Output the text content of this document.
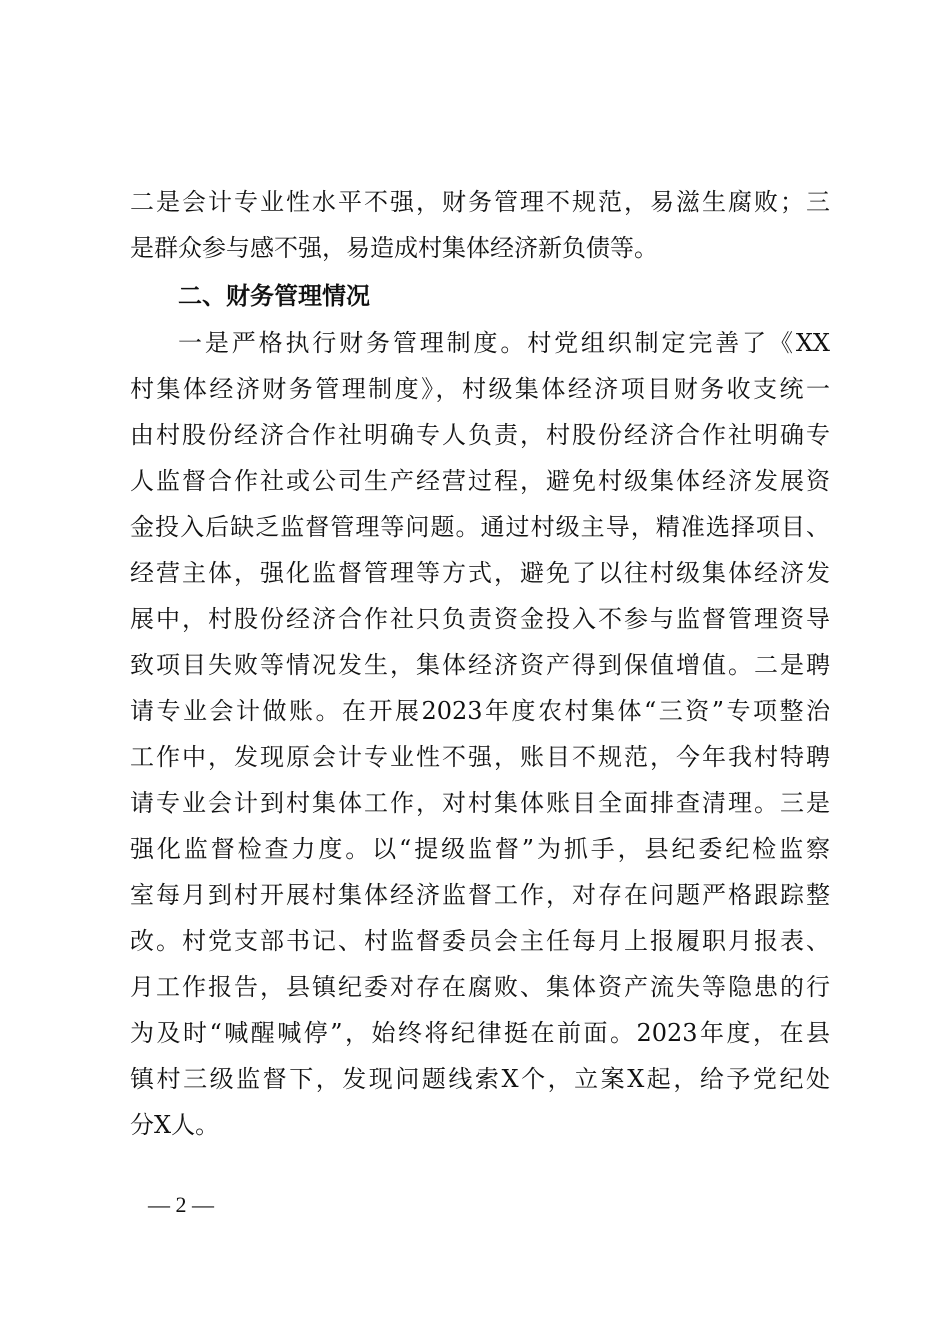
二是会计专业性水平不强，财务管理不规范，易滋生腐败；三
是群众参与感不强，易造成村集体经济新负债等。
二、财务管理情况
一是严格执行财务管理制度。村党组织制定完善了《XX
村集体经济财务管理制度》，村级集体经济项目财务收支统一
由村股份经济合作社明确专人负责，村股份经济合作社明确专
人监督合作社或公司生产经营过程，避免村级集体经济发展资
金投入后缺乏监督管理等问题。通过村级主导，精准选择项目、
经营主体，强化监督管理等方式，避免了以往村级集体经济发
展中，村股份经济合作社只负责资金投入不参与监督管理资导
致项目失败等情况发生，集体经济资产得到保值增值。二是聘
请专业会计做账。在开展2023年度农村集体“三资”专项整治
工作中，发现原会计专业性不强，账目不规范，今年我村特聘
请专业会计到村集体工作，对村集体账目全面排查清理。三是
强化监督检查力度。以“提级监督”为抓手，县纪委纪检监察
室每月到村开展村集体经济监督工作，对存在问题严格跟踪整
改。村党支部书记、村监督委员会主任每月上报履职月报表、
月工作报告，县镇纪委对存在腐败、集体资产流失等隐患的行
为及时“喊醒喊停”，始终将纪律挺在前面。2023年度，在县
镇村三级监督下，发现问题线索X个，立案X起，给予党纪处
分X人。
— 2 —
